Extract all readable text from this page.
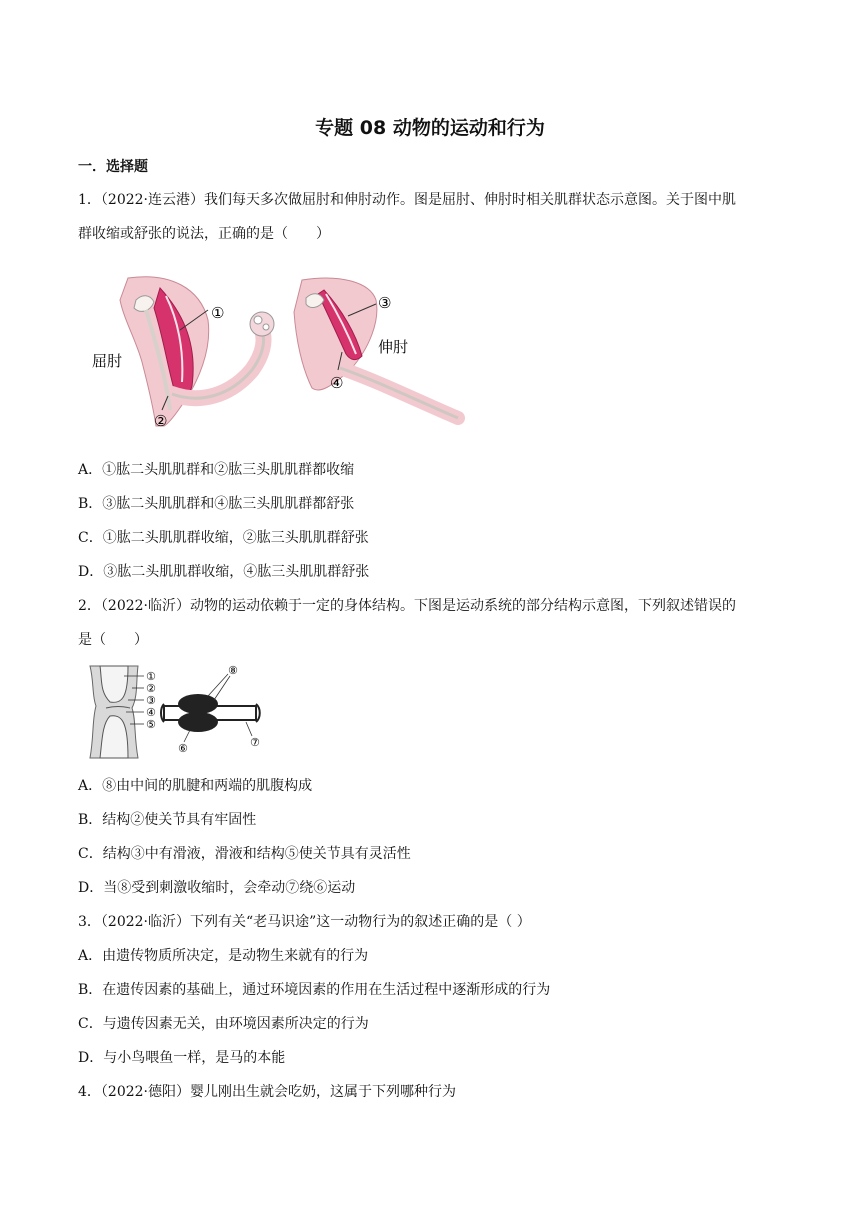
专题 08 动物的运动和行为
一．选择题
1．（2022·连云港）我们每天多次做屈肘和伸肘动作。图是屈肘、伸肘时相关肌群状态示意图。关于图中肌
群收缩或舒张的说法，正确的是（　　）
①
②
屈肘
③
④
伸肘
A．①肱二头肌肌群和②肱三头肌肌群都收缩
B．③肱二头肌肌群和④肱三头肌肌群都舒张
C．①肱二头肌肌群收缩，②肱三头肌肌群舒张
D．③肱二头肌肌群收缩，④肱三头肌肌群舒张
2．（2022·临沂）动物的运动依赖于一定的身体结构。下图是运动系统的部分结构示意图，下列叙述错误的
是（　　）
①
②
③
④
⑤
⑧
⑥	⑦
A．⑧由中间的肌腱和两端的肌腹构成
B．结构②使关节具有牢固性
C．结构③中有滑液，滑液和结构⑤使关节具有灵活性
D．当⑧受到刺激收缩时，会牵动⑦绕⑥运动
3．（2022·临沂）下列有关“老马识途”这一动物行为的叙述正确的是（ ）
A．由遗传物质所决定，是动物生来就有的行为
B．在遗传因素的基础上，通过环境因素的作用在生活过程中逐渐形成的行为
C．与遗传因素无关，由环境因素所决定的行为
D．与小鸟喂鱼一样，是马的本能
4．（2022·德阳）婴儿刚出生就会吃奶，这属于下列哪种行为
